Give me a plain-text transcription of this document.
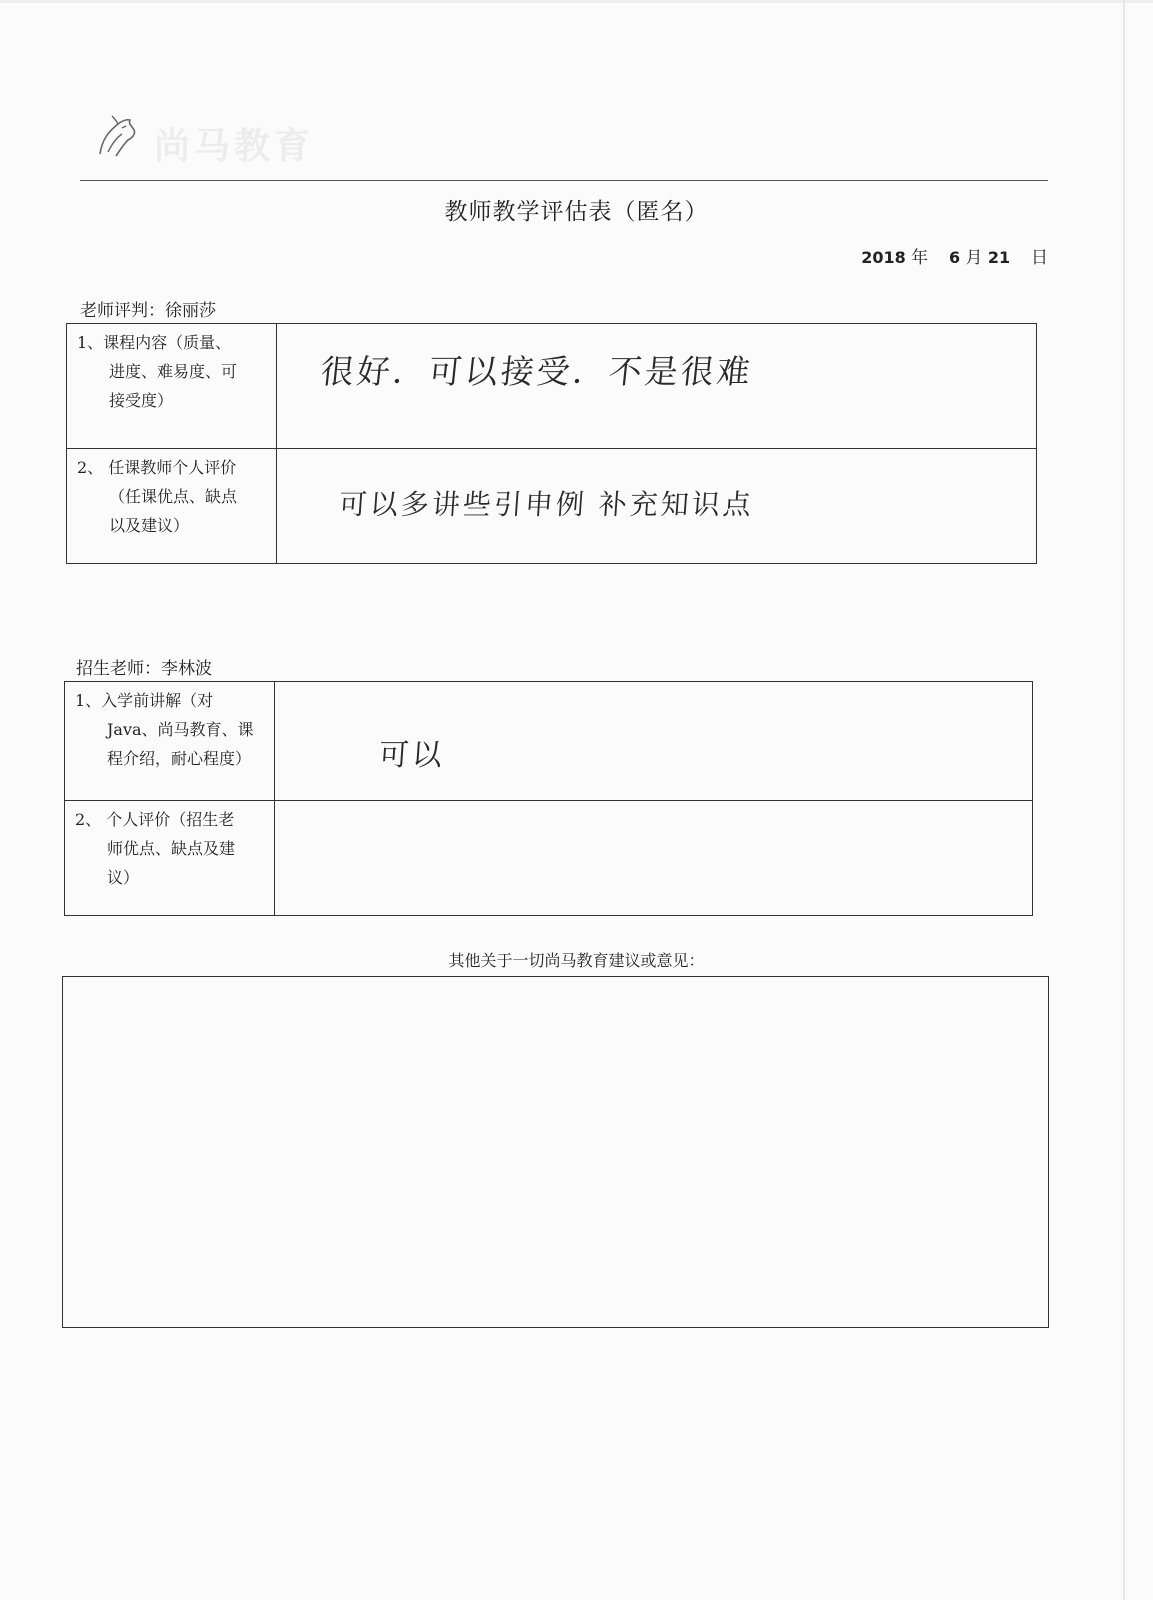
尚马教育
教师教学评估表（匿名）
2018 年 6 月 21 日
老师评判：徐丽莎
1、课程内容（质量、
进度、难易度、可
接受度）	很好．可以接受．不是很难

2、 任课教师个人评价
（任课优点、缺点
以及建议）	可以多讲些引申例 补充知识点
招生老师：李林波
1、入学前讲解（对
Java、尚马教育、课
程介绍，耐心程度）	可以

2、 个人评价（招生老
师优点、缺点及建
议）	

其他关于一切尚马教育建议或意见：
